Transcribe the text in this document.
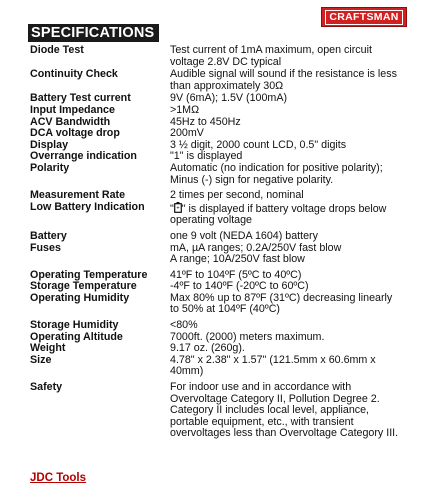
SPECIFICATIONS
CRAFTSMAN
Diode Test	Test current of 1mA maximum, open circuit
voltage 2.8V DC typical
Continuity Check	Audible signal will sound if the resistance is less
than approximately 30Ω
Battery Test current	9V (6mA); 1.5V (100mA)
Input Impedance	>1MΩ
ACV Bandwidth	45Hz to 450Hz
DCA voltage drop	200mV
Display	3 ½ digit, 2000 count LCD, 0.5" digits
Overrange indication	"1" is displayed
Polarity	Automatic (no indication for positive polarity);
Minus (-) sign for negative polarity.
Measurement Rate	2 times per second, nominal
Low Battery Indication	" + " is displayed if battery voltage drops below
operating voltage
Battery	one 9 volt (NEDA 1604) battery
Fuses	mA, µA ranges; 0.2A/250V fast blow
A range; 10A/250V fast blow
Operating Temperature	41ºF to 104ºF (5ºC to 40ºC)
Storage Temperature	-4ºF to 140ºF (-20ºC to 60ºC)
Operating Humidity	Max 80% up to 87ºF (31ºC) decreasing linearly
to 50% at 104ºF (40ºC)
Storage Humidity	<80%
Operating Altitude	7000ft. (2000) meters maximum.
Weight	9.17 oz. (260g).
Size	4.78" x 2.38" x 1.57" (121.5mm x 60.6mm x
40mm)
Safety	For indoor use and in accordance with
Overvoltage Category II, Pollution Degree 2.
Category II includes local level, appliance,
portable equipment, etc., with transient
overvoltages less than Overvoltage Category III.
JDC Tools
